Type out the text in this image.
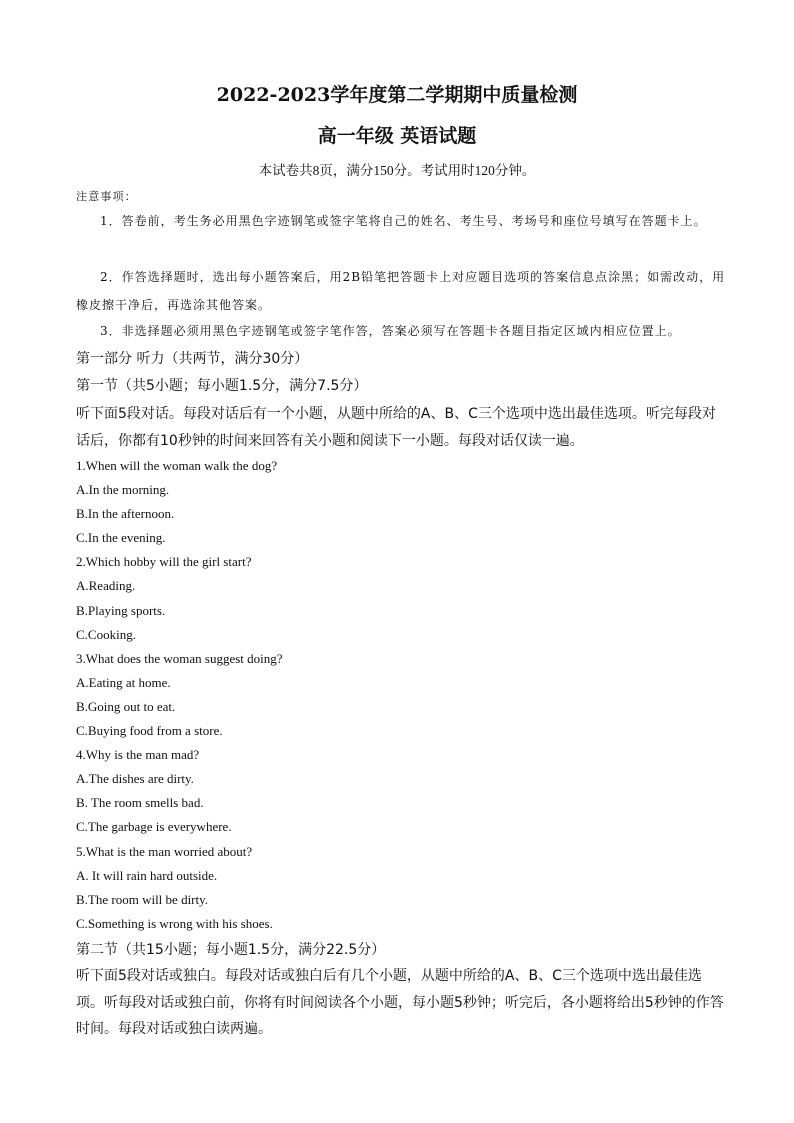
2022-2023学年度第二学期期中质量检测
高一年级 英语试题
本试卷共8页，满分150分。考试用时120分钟。
注意事项：
1．答卷前，考生务必用黑色字迹钢笔或签字笔将自己的姓名、考生号、考场号和座位号填写在答题卡上。
2．作答选择题时，选出每小题答案后，用2B铅笔把答题卡上对应题目选项的答案信息点涂黑；如需改动，用橡皮擦干净后，再选涂其他答案。
3．非选择题必须用黑色字迹钢笔或签字笔作答，答案必须写在答题卡各题目指定区域内相应位置上。
第一部分 听力（共两节，满分30分）
第一节（共5小题；每小题1.5分，满分7.5分）
听下面5段对话。每段对话后有一个小题，从题中所给的A、B、C三个选项中选出最佳选项。听完每段对话后，你都有10秒钟的时间来回答有关小题和阅读下一小题。每段对话仅读一遍。
1.When will the woman walk the dog?
A.In the morning.
B.In the afternoon.
C.In the evening.
2.Which hobby will the girl start?
A.Reading.
B.Playing sports.
C.Cooking.
3.What does the woman suggest doing?
A.Eating at home.
B.Going out to eat.
C.Buying food from a store.
4.Why is the man mad?
A.The dishes are dirty.
B. The room smells bad.
C.The garbage is everywhere.
5.What is the man worried about?
A. It will rain hard outside.
B.The room will be dirty.
C.Something is wrong with his shoes.
第二节（共15小题；每小题1.5分，满分22.5分）
听下面5段对话或独白。每段对话或独白后有几个小题，从题中所给的A、B、C三个选项中选出最佳选项。听每段对话或独白前，你将有时间阅读各个小题，每小题5秒钟；听完后，各小题将给出5秒钟的作答时间。每段对话或独白读两遍。
